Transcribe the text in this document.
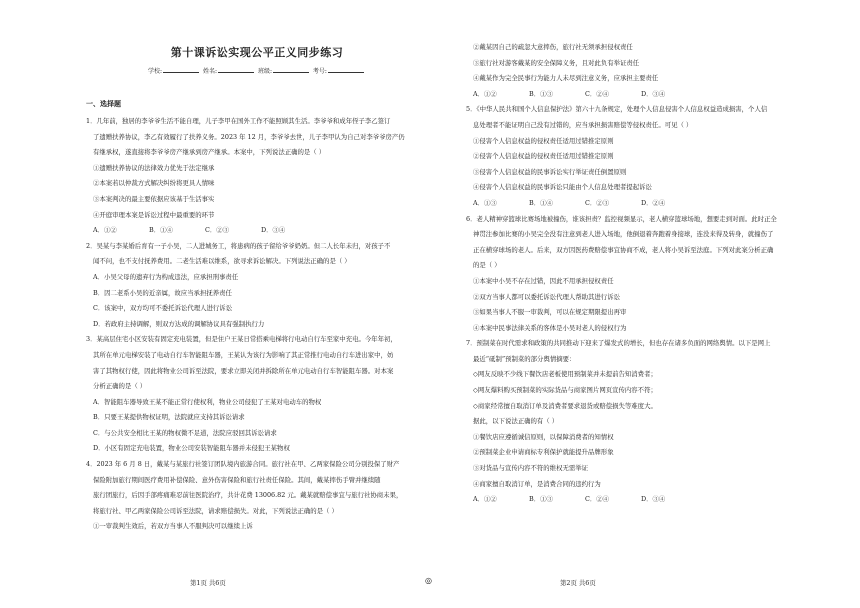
第十课诉讼实现公平正义同步练习
学校:	姓名:	班级:	考号:
一、选择题
1．几年前，独居的李爷爷生活不能自理，儿子李甲在国外工作不能照顾其生活。李爷爷和成年侄子李乙签订
了遗赠扶养协议，李乙有效履行了扶养义务。2023 年 12 月，李爷爷去世，儿子李甲认为自己对李爷爷房产仍
有继承权，遂直接将李爷爷房产继承到房产继承。本案中，下列说法正确的是（ ）
①遗赠扶养协议的法律效力优先于法定继承
②本案若以仲裁方式解决纠纷将更具人情味
③本案判决的最主要依据应该基于生活事实
④开庭审理本案是诉讼过程中最重要的环节
A．①②	B．①④	C．②③	D．③④
2．吴某与李某婚后育有一子小吴，二人进城务工，将患病的孩子留给爷爷奶奶。但二人长年未归，对孩子不
闻不问，也不支付抚养费用。二老生活难以维系，欲寻求诉讼解决。下列说法正确的是（ ）
A．小吴父母的遗弃行为构成违法，应承担刑事责任
B．因二老系小吴的近亲属，故应当承担抚养责任
C．该案中，双方均可不委托诉讼代理人进行诉讼
D．若政府主持调解，则双方达成的调解协议具有强制执行力
3．某高层住宅小区安装有固定充电装置，但是住户王某日常搭乘电梯将行电动自行车至家中充电。今年年初，
其所在单元电梯安装了电动自行车智能阻车器，王某认为该行为影响了其正常推行电动自行车进出家中，妨
害了其物权行使，因此将物业公司诉至法院，要求立即关闭并拆除所在单元电动自行车智能阻车器。对本案
分析正确的是（ ）
A．智能阻车器导致王某不能正常行使权利，物业公司侵犯了王某对电动车的物权
B．只要王某提供物权证明，法院就应支持其诉讼请求
C．与公共安全相比王某的物权微不足道，法院应驳回其诉讼请求
D．小区有固定充电装置，物业公司安装智能阻车器并未侵犯王某物权
4．2023 年 6 月 8 日，戴某与某旅行社签订团队境内旅游合同。旅行社在甲、乙两家保险公司分别投保了财产
保险附加旅行期间医疗费用补偿保险、意外伤害保险和旅行社责任保险。其间，戴某摔伤手臂并继续随
旅行团旅行，后因手部疼痛难忍前往医院治疗，共计花费 13006.82 元。戴某就赔偿事宜与旅行社协商未果，
将旅行社、甲乙两家保险公司诉至法院，请求赔偿损失。对此，下列说法正确的是（ ）
①一审裁判生效后，若双方当事人不服判决可以继续上诉
②戴某因自己的疏忽大意摔伤，旅行社无须承担侵权责任
③旅行社对游客戴某的安全保障义务，且对此负有举证责任
④戴某作为完全民事行为能力人未尽到注意义务，应承担主要责任
A．①②	B．①③	C．②④	D．③④
5．《中华人民共和国个人信息保护法》第六十九条规定，处理个人信息侵害个人信息权益造成损害，个人信
息处理者不能证明自己没有过错的，应当承担损害赔偿等侵权责任。可见（ ）
①侵害个人信息权益的侵权责任适用过错推定原则
②侵害个人信息权益的侵权责任适用过错推定原则
③侵害个人信息权益的民事诉讼实行举证责任倒置原则
④侵害个人信息权益的民事诉讼只能由个人信息处理者提起诉讼
A．①③	B．①④	C．②③	D．②④
6．老人精神穿篮球比赛场地被撞伤，谁该担责？监控视频显示，老人横穿篮球场地，想要走到对面。此时正全
神贯注参加比赛的小吴完全没有注意到老人进入场地，他倒退着奔跑着身接球，连没来得及转身，就撞伤了
正在横穿球场的老人。后来，双方因医药费赔偿事宜协商不成，老人将小吴诉至法庭。下列对此案分析正确
的是（ ）
①本案中小吴不存在过错，因此不用承担侵权责任
②双方当事人都可以委托诉讼代理人帮助其进行诉讼
③如果当事人不服一审裁判，可以在规定期限提出再审
④本案中民事法律关系的客体是小吴对老人的侵权行为
7．预制菜在时代需求和政策的共同推动下迎来了爆发式的增长，但也存在诸多负面的网络舆情。以下是网上
最近“砥制”预制菜的部分舆情摘要：
◇网友反映不少线下餐饮店老板使用预制菜并未提前告知消费者；
◇网友爆料购买预制菜的实际货品与商家图片网页宣传内容不符；
◇商家经常擅自取消订单及消费者要求退货或赔偿损失等难度大。
据此，以下说法正确的有（ ）
①餐饮店应遵循诚信原则，以保障消费者的知情权
②预制菜企业申请商标专利保护就能提升品牌形象
③对货品与宣传内容不符的维权无需举证
④商家擅自取消订单，是消费合同的违约行为
A．①②	B．①③	C．②④	D．③④
第1页 共6页	◎	第2页 共6页
